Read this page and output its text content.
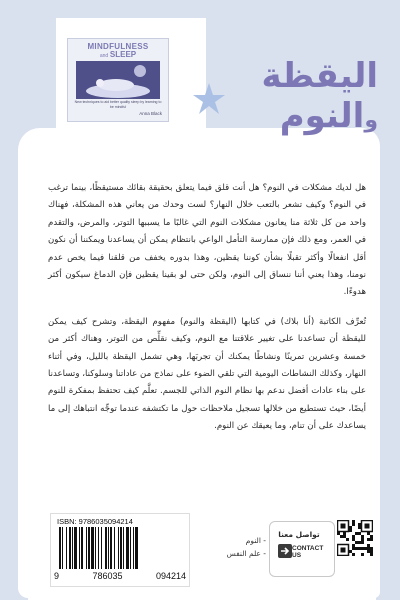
MINDFULNESS
and SLEEP
New techniques to aid better quality sleep by learning to be mindful
Anna Black
اليقظة
والنوم

هل لديك مشكلات في النوم؟ هل أنت قلق فيما يتعلق بحقيقة بقائك مستيقظًا، بينما ترغب في النوم؟ وكيف تشعر بالتعب خلال النهار؟ لست وحدك من يعاني هذه المشكلة، فهناك واحد من كل ثلاثة منا يعانون مشكلات النوم التي غالبًا ما يسببها التوتر، والمرض، والتقدم في العمر، ومع ذلك فإن ممارسة التأمل الواعي بانتظام يمكن أن يساعدنا ويمكننا أن نكون أقل انفعالًا وأكثر تقبلًا بشأن كوننا يقظين، وهذا بدوره يخفف من قلقنا فيما يخص عدم نومنا، وهذا يعني أننا ننساق إلى النوم، ولكن حتى لو بقينا يقظين فإن الدماغ سيكون أكثر هدوءًا.

تُعرِّف الكاتبة (أنا بلاك) في كتابها (اليقظة والنوم) مفهوم اليقظة، وتشرح كيف يمكن لليقظة أن تساعدنا على تغيير علاقتنا مع النوم، وكيف نقلِّص من التوتر، وهناك أكثر من خمسة وعشرين تمرينًا ونشاطًا يمكنك أن تجربَها، وهي تشمل اليقظة بالليل، وفي أثناء النهار، وكذلك النشاطات اليومية التي تلقي الضوء على نماذج من عاداتنا وسلوكنا، وتساعدنا على بناء عادات أفضل ندعم بها نظام النوم الذاتي للجسم. تعلَّم كيف تحتفظ بمفكرة للنوم أيضًا، حيث تستطيع من خلالها تسجيل ملاحظات حول ما تكتشفه عندما توجِّه انتباهك إلى ما يساعدك على أن تنام، وما يعيقك عن النوم.

ISBN: 9786035094214
9	786035	094214
- النوم
- علم النفس
تواصل معنا
CONTACT US
